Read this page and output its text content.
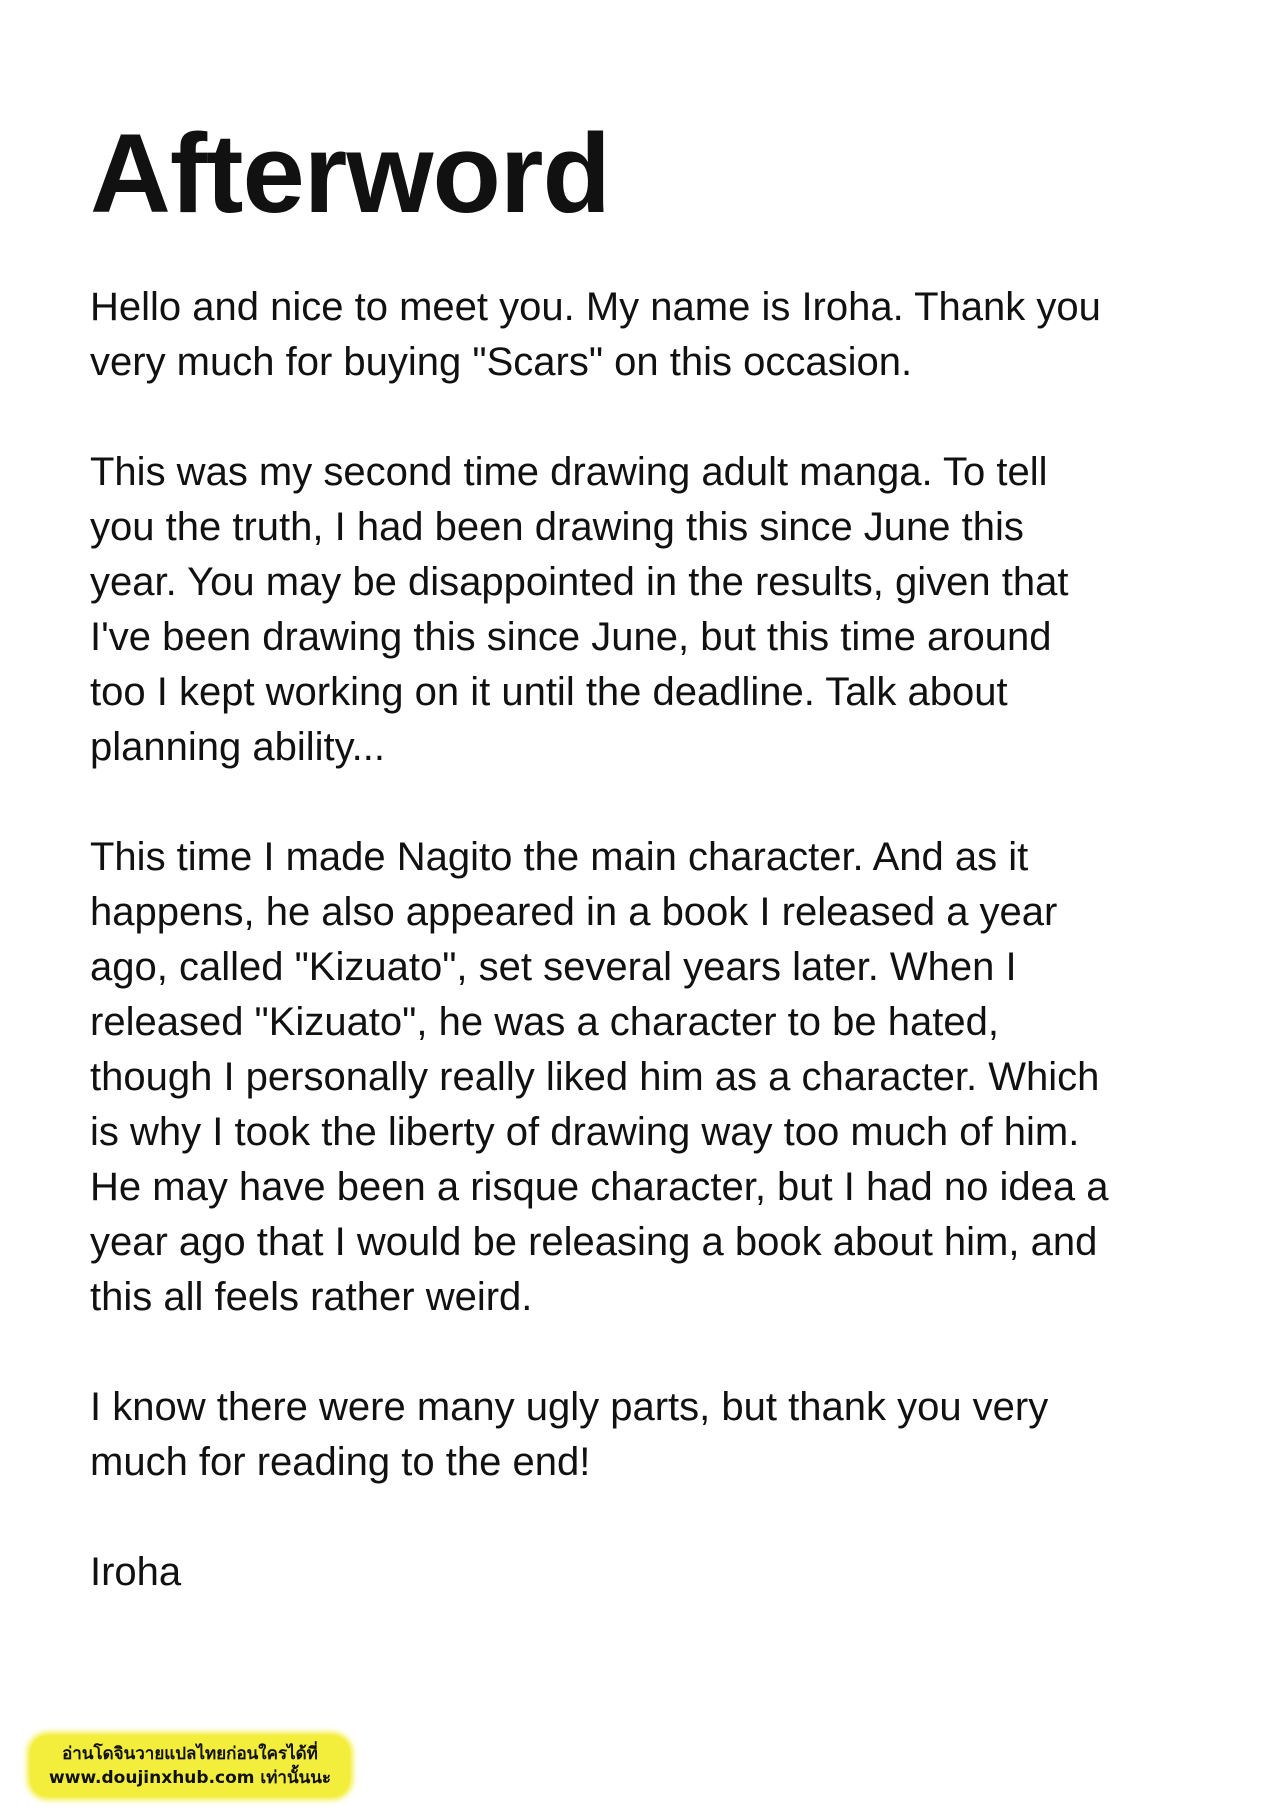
Afterword

Hello and nice to meet you. My name is Iroha. Thank you
very much for buying "Scars" on this occasion.

This was my second time drawing adult manga. To tell
you the truth, I had been drawing this since June this
year. You may be disappointed in the results, given that
I've been drawing this since June, but this time around
too I kept working on it until the deadline. Talk about
planning ability...

This time I made Nagito the main character. And as it
happens, he also appeared in a book I released a year
ago, called "Kizuato", set several years later. When I
released "Kizuato", he was a character to be hated,
though I personally really liked him as a character. Which
is why I took the liberty of drawing way too much of him.
He may have been a risque character, but I had no idea a
year ago that I would be releasing a book about him, and
this all feels rather weird.

I know there were many ugly parts, but thank you very
much for reading to the end!

Iroha

อ่านโดจินวายแปลไทยก่อนใครได้ที่
www.doujinxhub.com เท่านั้นนะ
